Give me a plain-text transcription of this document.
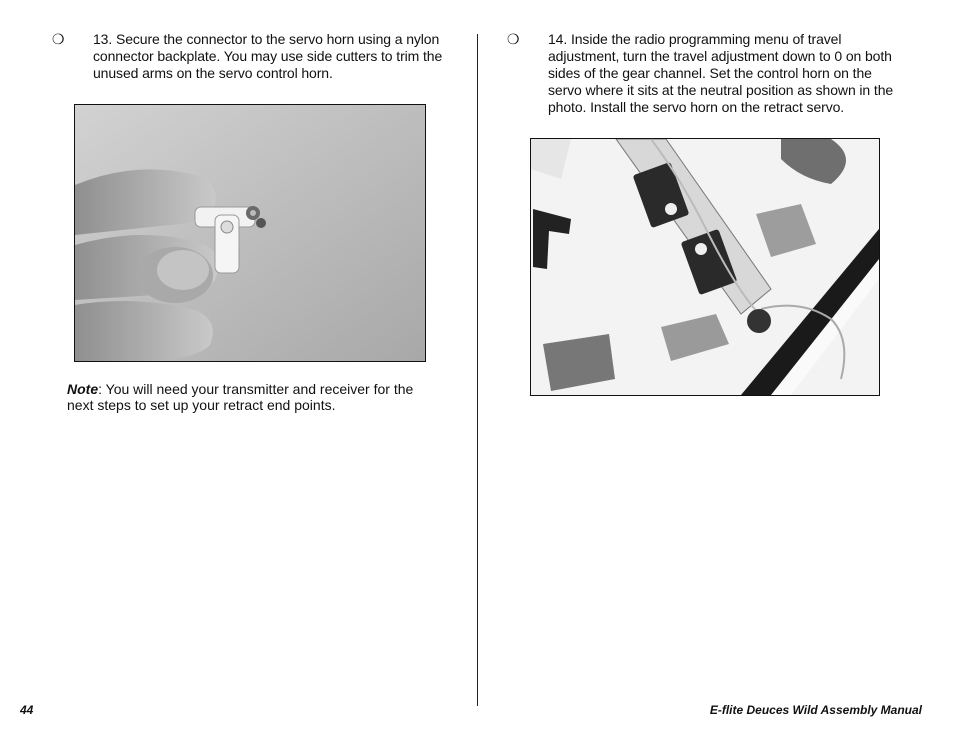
❍ 13. Secure the connector to the servo horn using a nylon connector backplate. You may use side cutters to trim the unused arms on the servo control horn.
Note: You will need your transmitter and receiver for the next steps to set up your retract end points.
❍ 14. Inside the radio programming menu of travel adjustment, turn the travel adjustment down to 0 on both sides of the gear channel. Set the control horn on the servo where it sits at the neutral position as shown in the photo. Install the servo horn on the retract servo.
44	E-flite Deuces Wild Assembly Manual
